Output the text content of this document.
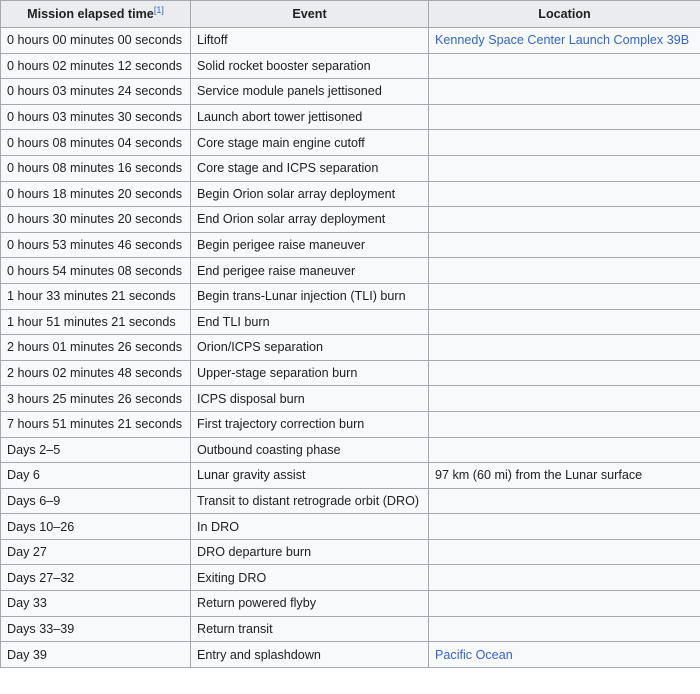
Mission elapsed time[1]	Event	Location
0 hours 00 minutes 00 seconds	Liftoff	Kennedy Space Center Launch Complex 39B
0 hours 02 minutes 12 seconds	Solid rocket booster separation	
0 hours 03 minutes 24 seconds	Service module panels jettisoned	
0 hours 03 minutes 30 seconds	Launch abort tower jettisoned	
0 hours 08 minutes 04 seconds	Core stage main engine cutoff	
0 hours 08 minutes 16 seconds	Core stage and ICPS separation	
0 hours 18 minutes 20 seconds	Begin Orion solar array deployment	
0 hours 30 minutes 20 seconds	End Orion solar array deployment	
0 hours 53 minutes 46 seconds	Begin perigee raise maneuver	
0 hours 54 minutes 08 seconds	End perigee raise maneuver	
1 hour 33 minutes 21 seconds	Begin trans-Lunar injection (TLI) burn	
1 hour 51 minutes 21 seconds	End TLI burn	
2 hours 01 minutes 26 seconds	Orion/ICPS separation	
2 hours 02 minutes 48 seconds	Upper-stage separation burn	
3 hours 25 minutes 26 seconds	ICPS disposal burn	
7 hours 51 minutes 21 seconds	First trajectory correction burn	
Days 2–5	Outbound coasting phase	
Day 6	Lunar gravity assist	97 km (60 mi) from the Lunar surface
Days 6–9	Transit to distant retrograde orbit (DRO)	
Days 10–26	In DRO	
Day 27	DRO departure burn	
Days 27–32	Exiting DRO	
Day 33	Return powered flyby	
Days 33–39	Return transit	
Day 39	Entry and splashdown	Pacific Ocean
